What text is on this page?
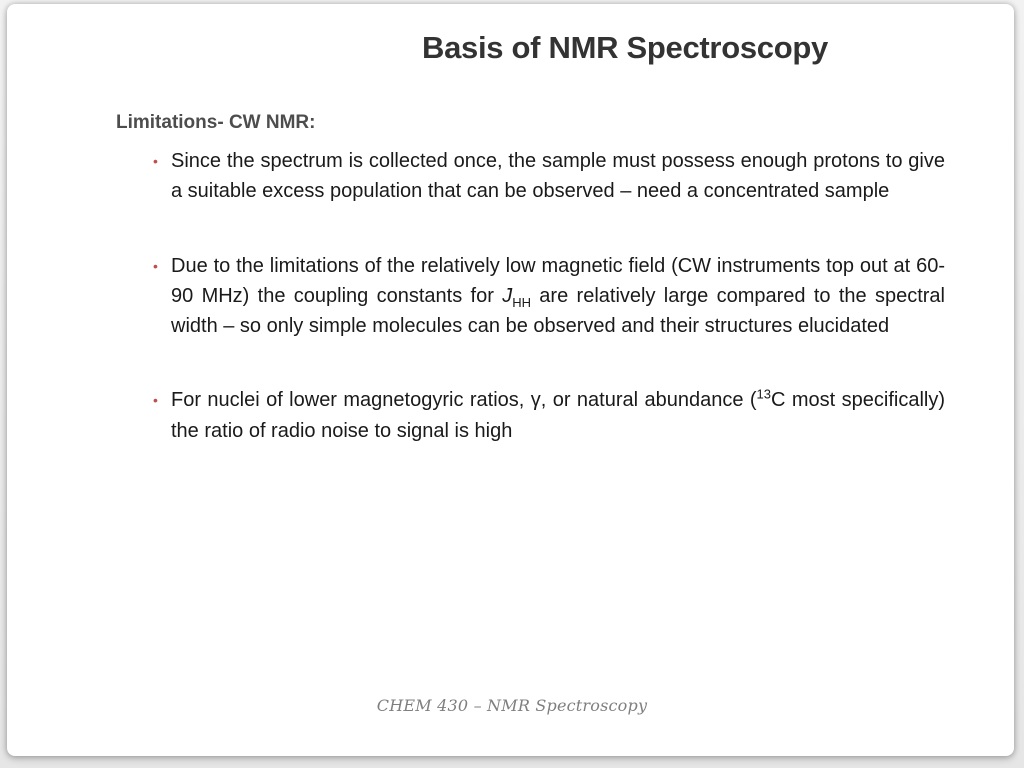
Basis of NMR Spectroscopy
Limitations- CW NMR:
• Since the spectrum is collected once, the sample must possess enough protons to give a suitable excess population that can be observed – need a concentrated sample
• Due to the limitations of the relatively low magnetic field (CW instruments top out at 60-90 MHz) the coupling constants for $J_{HH}$ are relatively large compared to the spectral width – so only simple molecules can be observed and their structures elucidated
• For nuclei of lower magnetogyric ratios, γ, or natural abundance ($^{13}$C most specifically) the ratio of radio noise to signal is high
CHEM 430 – NMR Spectroscopy
